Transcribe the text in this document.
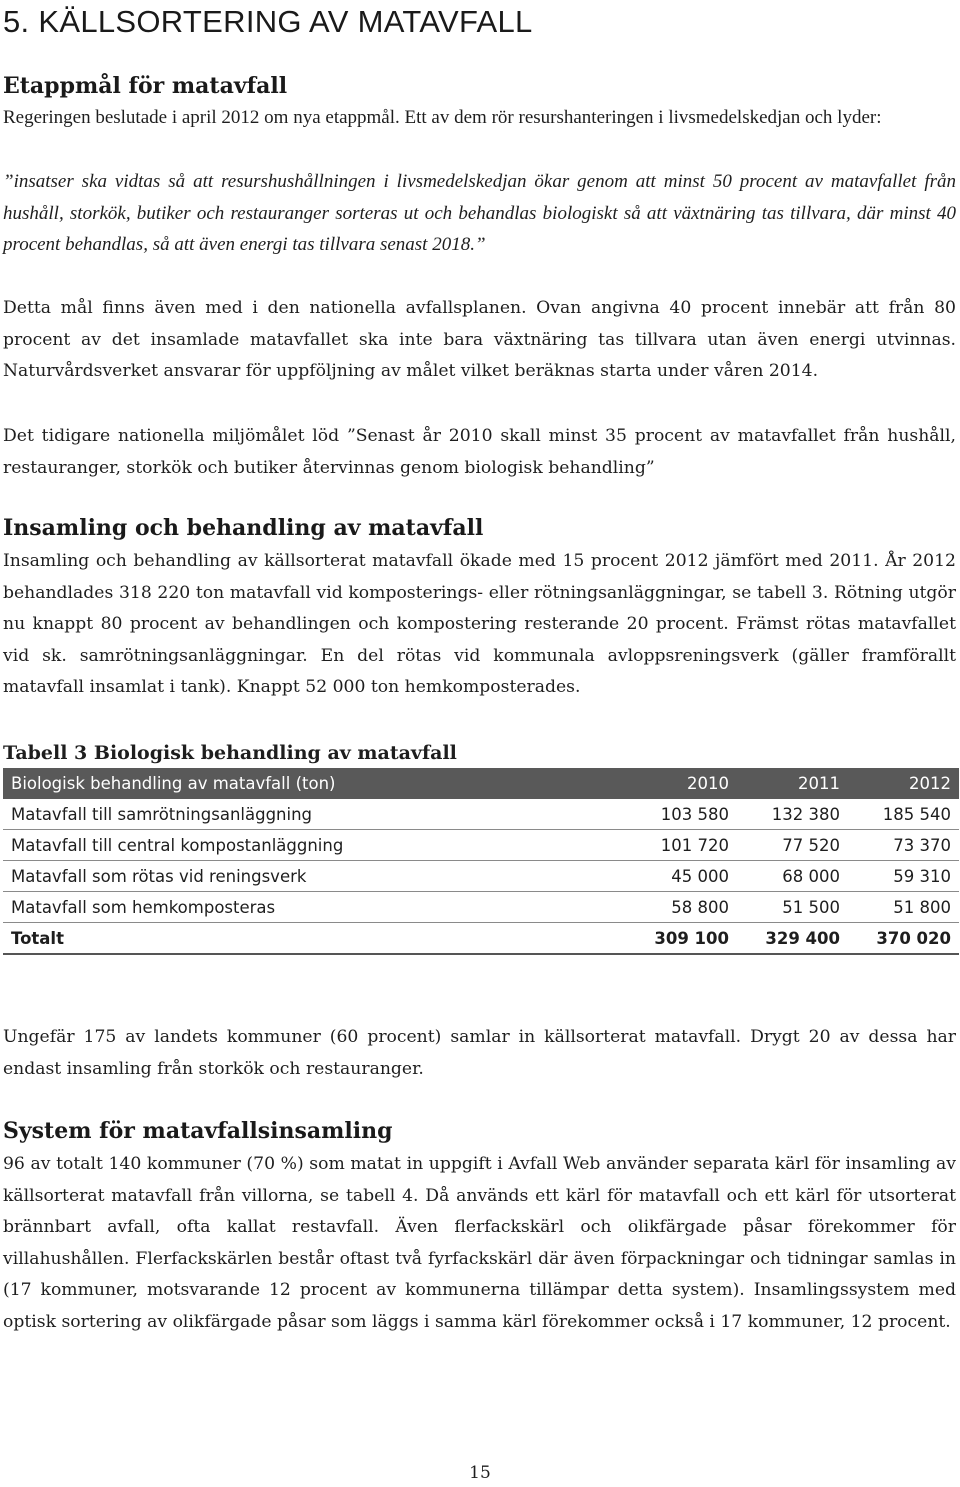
5. KÄLLSORTERING AV MATAVFALL
Etappmål för matavfall

Regeringen beslutade i april 2012 om nya etappmål. Ett av dem rör resurshanteringen i livsmedelskedjan och lyder:

”insatser ska vidtas så att resurshushållningen i livsmedelskedjan ökar genom att minst 50 procent av matavfallet från hushåll, storkök, butiker och restauranger sorteras ut och behandlas biologiskt så att växtnäring tas tillvara, där minst 40 procent behandlas, så att även energi tas tillvara senast 2018.”

Detta mål finns även med i den nationella avfallsplanen. Ovan angivna 40 procent innebär att från 80 procent av det insamlade matavfallet ska inte bara växtnäring tas tillvara utan även energi utvinnas. Naturvårdsverket ansvarar för uppföljning av målet vilket beräknas starta under våren 2014.

Det tidigare nationella miljömålet löd ”Senast år 2010 skall minst 35 procent av matavfallet från hushåll, restauranger, storkök och butiker återvinnas genom biologisk behandling”

Insamling och behandling av matavfall

Insamling och behandling av källsorterat matavfall ökade med 15 procent 2012 jämfört med 2011. År 2012 behandlades 318 220 ton matavfall vid komposterings- eller rötningsanläggningar, se tabell 3. Rötning utgör nu knappt 80 procent av behandlingen och kompostering resterande 20 procent. Främst rötas matavfallet vid sk. samrötningsanläggningar. En del rötas vid kommunala avloppsreningsverk (gäller framförallt matavfall insamlat i tank). Knappt 52 000 ton hemkomposterades.

Tabell 3 Biologisk behandling av matavfall
Biologisk behandling av matavfall (ton)	2010	2011	2012
Matavfall till samrötningsanläggning	103 580	132 380	185 540
Matavfall till central kompostanläggning	101 720	77 520	73 370
Matavfall som rötas vid reningsverk	45 000	68 000	59 310
Matavfall som hemkomposteras	58 800	51 500	51 800
Totalt	309 100	329 400	370 020

Ungefär 175 av landets kommuner (60 procent) samlar in källsorterat matavfall. Drygt 20 av dessa har endast insamling från storkök och restauranger.

System för matavfallsinsamling

96 av totalt 140 kommuner (70 %) som matat in uppgift i Avfall Web använder separata kärl för insamling av källsorterat matavfall från villorna, se tabell 4. Då används ett kärl för matavfall och ett kärl för utsorterat brännbart avfall, ofta kallat restavfall. Även flerfackskärl och olikfärgade påsar förekommer för villahushållen. Flerfackskärlen består oftast två fyrfackskärl där även förpackningar och tidningar samlas in (17 kommuner, motsvarande 12 procent av kommunerna tillämpar detta system). Insamlingssystem med optisk sortering av olikfärgade påsar som läggs i samma kärl förekommer också i 17 kommuner, 12 procent.

15
